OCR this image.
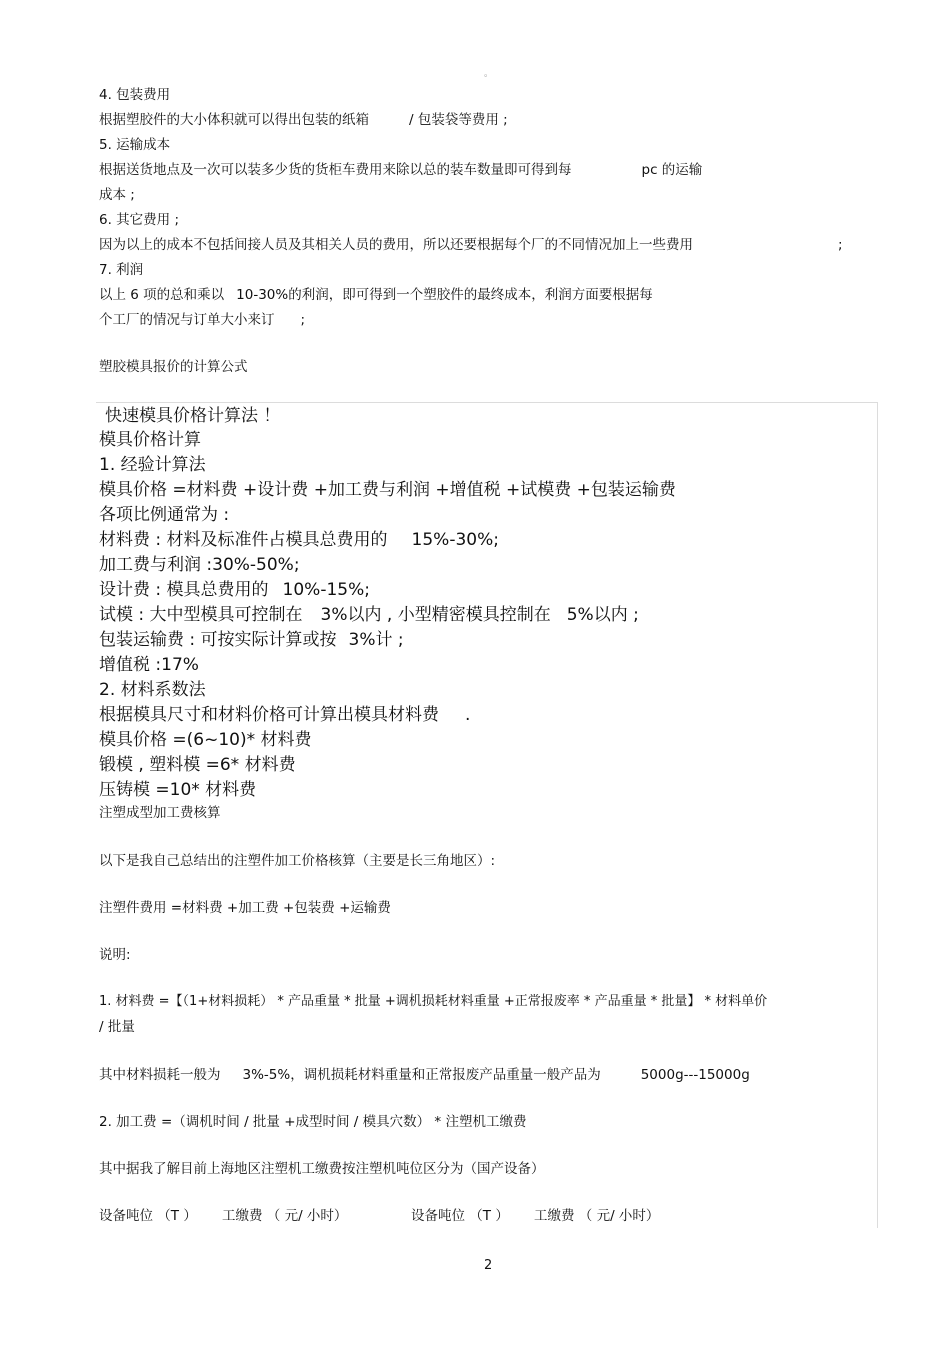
。
4. 包装费用
根据塑胶件的大小体积就可以得出包装的纸箱	/ 包装袋等费用 ;
5. 运输成本
根据送货地点及一次可以装多少货的货柜车费用来除以总的装车数量即可得到每	pc 的运输
成本 ;
6. 其它费用 ;
因为以上的成本不包括间接人员及其相关人员的费用，所以还要根据每个厂的不同情况加上一些费用	;
7. 利润
以上 6 项的总和乘以 10-30%的利润，即可得到一个塑胶件的最终成本，利润方面要根据每
个工厂的情况与订单大小来订 ;
塑胶模具报价的计算公式
快速模具价格计算法 ！
模具价格计算
1. 经验计算法
模具价格 =材料费 +设计费 +加工费与利润 +增值税 +试模费 +包装运输费
各项比例通常为 :
材料费 : 材料及标准件占模具总费用的 15%-30%;
加工费与利润 :30%-50%;
设计费 : 模具总费用的 10%-15%;
试模 : 大中型模具可控制在 3%以内 , 小型精密模具控制在 5%以内 ;
包装运输费 : 可按实际计算或按 3%计 ;
增值税 :17%
2. 材料系数法
根据模具尺寸和材料价格可计算出模具材料费 .
模具价格 =(6~10)* 材料费
锻模 , 塑料模 =6* 材料费
压铸模 =10* 材料费
注塑成型加工费核算
以下是我自己总结出的注塑件加工价格核算（主要是长三角地区）:
注塑件费用 =材料费 +加工费 +包装费 +运输费
说明:
1. 材料费 =【（1+材料损耗） * 产品重量 * 批量 +调机损耗材料重量 +正常报废率 * 产品重量 * 批量】 * 材料单价
/ 批量
其中材料损耗一般为 3%-5%，调机损耗材料重量和正常报废产品重量一般产品为	5000g---15000g
2. 加工费 =（调机时间 / 批量 +成型时间 / 模具穴数） * 注塑机工缴费
其中据我了解目前上海地区注塑机工缴费按注塑机吨位区分为（国产设备）
设备吨位 （T ） 工缴费 （ 元/ 小时）	设备吨位 （T ） 工缴费 （ 元/ 小时）
2
